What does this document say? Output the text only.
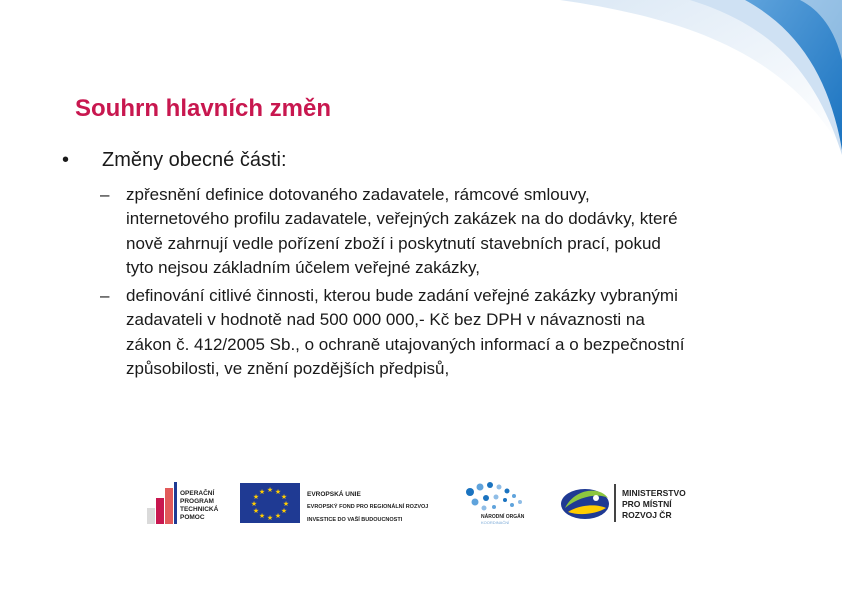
Souhrn hlavních změn
• Změny obecné části:
– zpřesnění definice dotovaného zadavatele, rámcové smlouvy,
internetového profilu zadavatele, veřejných zakázek na do dodávky, které
nově zahrnují vedle pořízení zboží i poskytnutí stavebních prací, pokud
tyto nejsou základním účelem veřejné zakázky,
– definování citlivé činnosti, kterou bude zadání veřejné zakázky vybranými
zadavateli v hodnotě nad 500 000 000,- Kč bez DPH v návaznosti na
zákon č. 412/2005 Sb., o ochraně utajovaných informací a o bezpečnostní
způsobilosti, ve znění pozdějších předpisů,
OPERAČNÍ
PROGRAM
TECHNICKÁ
POMOC
★ ★
★
★
★
★
★
★
★
★
★
★	EVROPSKÁ UNIE
EVROPSKÝ FOND PRO REGIONÁLNÍ ROZVOJ
INVESTICE DO VAŠÍ BUDOUCNOSTI	NÁRODNÍ ORGÁN
KOORDINAČNÍ
MINISTERSTVO
PRO MÍSTNÍ
ROZVOJ ČR
